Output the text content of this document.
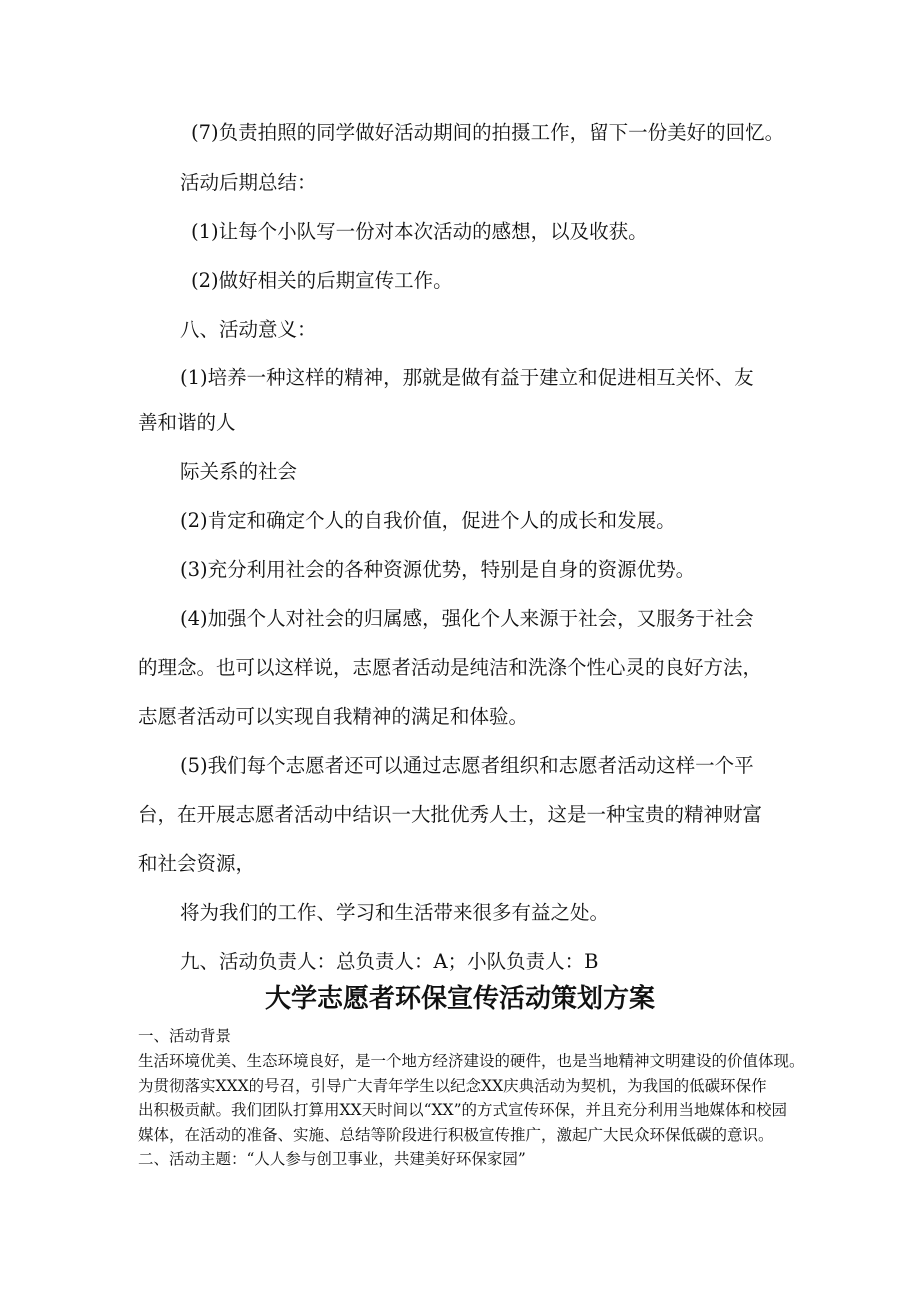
(7)负责拍照的同学做好活动期间的拍摄工作，留下一份美好的回忆。

活动后期总结：

(1)让每个小队写一份对本次活动的感想，以及收获。

(2)做好相关的后期宣传工作。

八、活动意义：

(1)培养一种这样的精神，那就是做有益于建立和促进相互关怀、友

善和谐的人

际关系的社会

(2)肯定和确定个人的自我价值，促进个人的成长和发展。

(3)充分利用社会的各种资源优势，特别是自身的资源优势。

(4)加强个人对社会的归属感，强化个人来源于社会，又服务于社会

的理念。也可以这样说，志愿者活动是纯洁和洗涤个性心灵的良好方法，

志愿者活动可以实现自我精神的满足和体验。

(5)我们每个志愿者还可以通过志愿者组织和志愿者活动这样一个平

台，在开展志愿者活动中结识一大批优秀人士，这是一种宝贵的精神财富

和社会资源，

将为我们的工作、学习和生活带来很多有益之处。

九、活动负责人：总负责人：A；小队负责人：B

大学志愿者环保宣传活动策划方案

一、活动背景

生活环境优美、生态环境良好，是一个地方经济建设的硬件，也是当地精神文明建设的价值体现。

为贯彻落实XXX的号召，引导广大青年学生以纪念XX庆典活动为契机，为我国的低碳环保作

出积极贡献。我们团队打算用XX天时间以“XX”的方式宣传环保，并且充分利用当地媒体和校园

媒体，在活动的准备、实施、总结等阶段进行积极宣传推广，激起广大民众环保低碳的意识。

二、活动主题：“人人参与创卫事业，共建美好环保家园”
